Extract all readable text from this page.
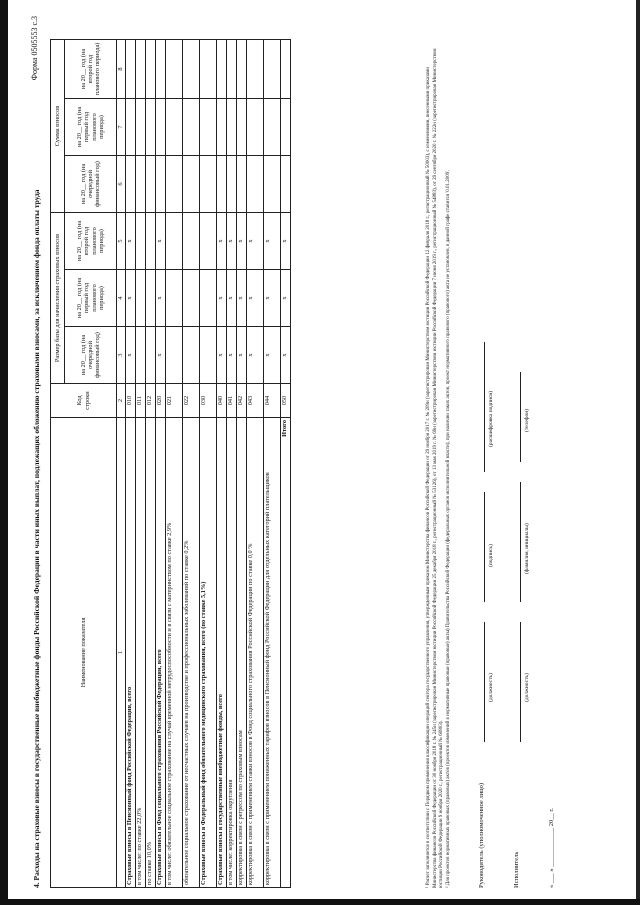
Форма 0505553 с.3
4. Расходы на страховые взносы в государственные внебюджетные фонды Российской Федерации в части иных выплат, подлежащих обложению страховыми взносами, за исключением фонда оплаты труда	Наименование показателя	Код строки	Размер базы для начисления страховых взносов			Сумма взносов		
		на 20__ год (на очередной финансовый год)	на 20__ год (на первый год планового периода)	на 20__ год (на второй год планового периода)	на 20__ год (на очередной финансовый год)	на 20__ год (на первый год планового периода)	на 20__ год (на второй год планового периода)
1	2	3	4	5	6	7	8
Страховые взносы в Пенсионный фонд Российской Федерации, всего	010	x	x	x			
в том числе: по ставке 22,0%	011						
по ставке 10,0%	012						
Страховые взносы в Фонд социального страхования Российской Федерации, всего	020	x	x	x			
в том числе: обязательное социальное страхование на случай временной нетрудоспособности и в связи с материнством по ставке 2,9%	021						
обязательное социальное страхование от несчастных случаев на производстве и профессиональных заболеваний по ставке 0,2%	022						
Страховые взносы в Федеральный фонд обязательного медицинского страхования, всего (по ставке 5,1%)	030						
Страховые взносы в государственные внебюджетные фонды, всего	040	x	x	x			
в том числе: корректировка округления	041	x	x	x			
корректировка в связи с регрессом по страховым взносам	042	x	x	x			
корректировка в связи с применением ставки взносов в Фонд социального страхования Российской Федерации по ставке 0,0 %	043	x	x	x			
корректировка в связи с применением пониженных тарифов взносов в Пенсионный фонд Российской Федерации для отдельных категорий плательщиков	044	x	x	x			
Итого	050	x	x	x				¹ Расчет заполняется в соответствии с Порядком применения классификации операций сектора государственного управления, утвержденным приказом Министерства финансов Российской Федерации от 29 ноября 2017 г. № 209н (зарегистрирован Министерством юстиции Российской Федерации 12 февраля 2018 г., регистрационный № 50003), с изменениями, внесенными приказами Министерства финансов Российской Федерации от 30 ноября 2018 г. № 245н (зарегистрирован Министерством юстиции Российской Федерации 25 декабря 2018 г., регистрационный № 53126), от 13 мая 2019 г. № 69н (зарегистрирован Министерством юстиции Российской Федерации 7 июня 2019 г., регистрационный № 54883), от 29 сентября 2020 г. № 222н (зарегистрирован Министерством юстиции Российской Федерации 9 ноября 2020 г., регистрационный № 60803). ² Для проектов нормативных правовых (правовых) актов (проектов изменений в нормативные правовые (правовые) акты) Правительства Российской Федерации (федеральных органов исполнительной власти), при наличии таких актов, проект нормативного правового (правового) акта не установлен, в данной графе ставится '0.01.2009'.	Руководитель (уполномоченное лицо)
(должность)
(подпись)
(расшифровка подписи)
Исполнитель
(должность)
(фамилия, инициалы)
(телефон)
« ___ » ____________ 20__ г.
